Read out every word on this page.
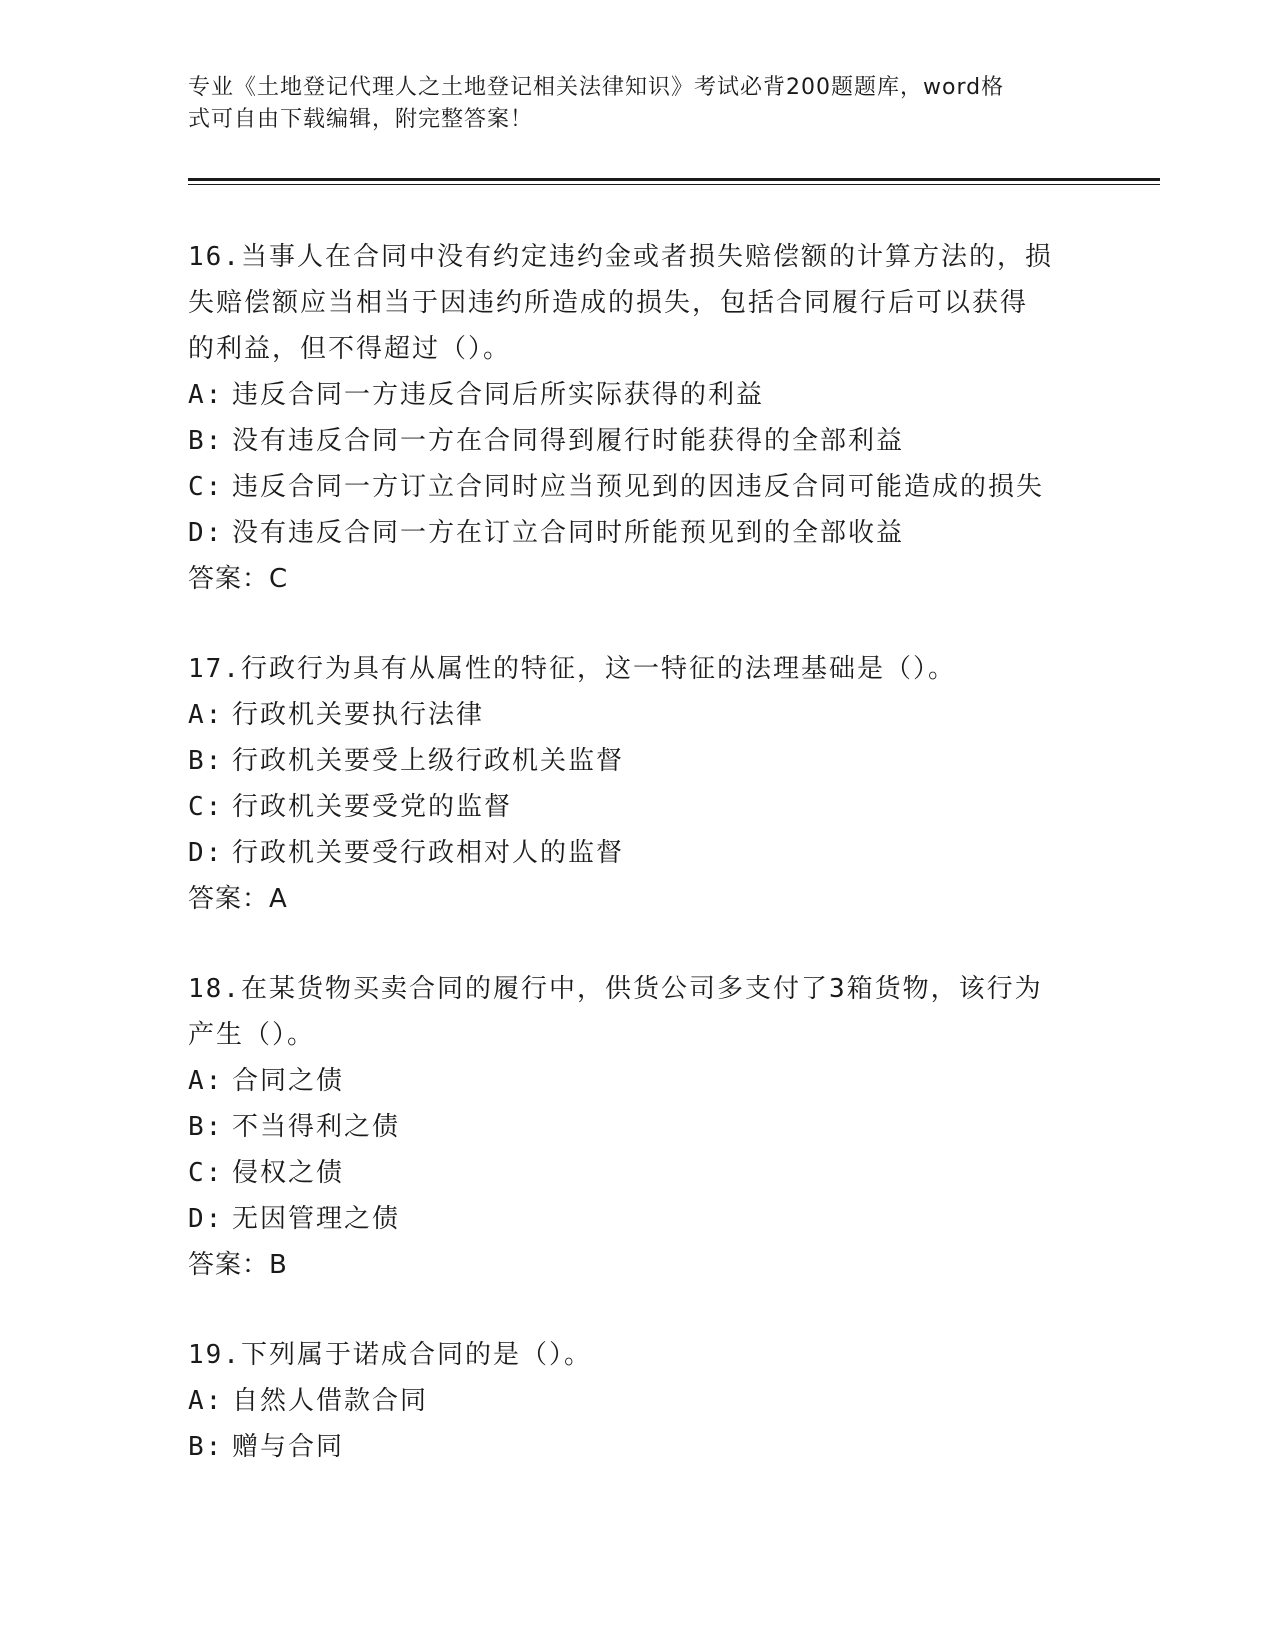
专业《土地登记代理人之土地登记相关法律知识》考试必背200题题库，word格
式可自由下载编辑，附完整答案！

16.当事人在合同中没有约定违约金或者损失赔偿额的计算方法的，损

失赔偿额应当相当于因违约所造成的损失，包括合同履行后可以获得

的利益，但不得超过（）。

A: 违反合同一方违反合同后所实际获得的利益

B: 没有违反合同一方在合同得到履行时能获得的全部利益

C: 违反合同一方订立合同时应当预见到的因违反合同可能造成的损失

D: 没有违反合同一方在订立合同时所能预见到的全部收益

答案：C

17.行政行为具有从属性的特征，这一特征的法理基础是（）。

A: 行政机关要执行法律

B: 行政机关要受上级行政机关监督

C: 行政机关要受党的监督

D: 行政机关要受行政相对人的监督

答案：A

18.在某货物买卖合同的履行中，供货公司多支付了3箱货物，该行为

产生（）。

A: 合同之债

B: 不当得利之债

C: 侵权之债

D: 无因管理之债

答案：B

19.下列属于诺成合同的是（）。

A: 自然人借款合同

B: 赠与合同
